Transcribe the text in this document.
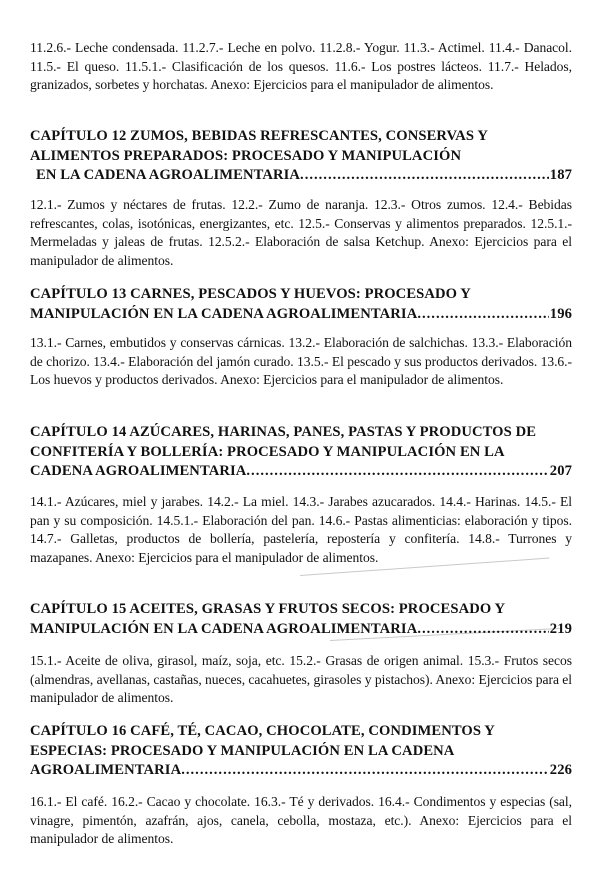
11.2.6.- Leche condensada. 11.2.7.- Leche en polvo. 11.2.8.- Yogur. 11.3.- Actimel. 11.4.- Danacol. 11.5.- El queso. 11.5.1.- Clasificación de los quesos. 11.6.- Los postres lácteos. 11.7.- Helados, granizados, sorbetes y horchatas. Anexo: Ejercicios para el manipulador de alimentos.
CAPÍTULO 12 ZUMOS, BEBIDAS REFRESCANTES, CONSERVAS Y
ALIMENTOS PREPARADOS: PROCESADO Y MANIPULACIÓN
EN LA CADENA AGROALIMENTARIA .....	187
12.1.- Zumos y néctares de frutas. 12.2.- Zumo de naranja. 12.3.- Otros zumos. 12.4.- Bebidas refrescantes, colas, isotónicas, energizantes, etc. 12.5.- Conservas y alimentos preparados. 12.5.1.- Mermeladas y jaleas de frutas. 12.5.2.- Elaboración de salsa Ketchup. Anexo: Ejercicios para el manipulador de alimentos.
CAPÍTULO 13 CARNES, PESCADOS Y HUEVOS: PROCESADO Y
MANIPULACIÓN EN LA CADENA AGROALIMENTARIA .....	196
13.1.- Carnes, embutidos y conservas cárnicas. 13.2.- Elaboración de salchichas. 13.3.- Elaboración de chorizo. 13.4.- Elaboración del jamón curado. 13.5.- El pescado y sus productos derivados. 13.6.- Los huevos y productos derivados. Anexo: Ejercicios para el manipulador de alimentos.
CAPÍTULO 14 AZÚCARES, HARINAS, PANES, PASTAS Y PRODUCTOS DE
CONFITERÍA Y BOLLERÍA: PROCESADO Y MANIPULACIÓN EN LA
CADENA AGROALIMENTARIA .....	207
14.1.- Azúcares, miel y jarabes. 14.2.- La miel. 14.3.- Jarabes azucarados. 14.4.- Harinas. 14.5.- El pan y su composición. 14.5.1.- Elaboración del pan. 14.6.- Pastas alimenticias: elaboración y tipos. 14.7.- Galletas, productos de bollería, pastelería, repostería y confitería. 14.8.- Turrones y mazapanes. Anexo: Ejercicios para el manipulador de alimentos.
CAPÍTULO 15 ACEITES, GRASAS Y FRUTOS SECOS: PROCESADO Y
MANIPULACIÓN EN LA CADENA AGROALIMENTARIA .....	219
15.1.- Aceite de oliva, girasol, maíz, soja, etc. 15.2.- Grasas de origen animal. 15.3.- Frutos secos (almendras, avellanas, castañas, nueces, cacahuetes, girasoles y pistachos). Anexo: Ejercicios para el manipulador de alimentos.
CAPÍTULO 16 CAFÉ, TÉ, CACAO, CHOCOLATE, CONDIMENTOS Y
ESPECIAS: PROCESADO Y MANIPULACIÓN EN LA CADENA
AGROALIMENTARIA .....	226
16.1.- El café. 16.2.- Cacao y chocolate. 16.3.- Té y derivados. 16.4.- Condimentos y especias (sal, vinagre, pimentón, azafrán, ajos, canela, cebolla, mostaza, etc.). Anexo: Ejercicios para el manipulador de alimentos.
